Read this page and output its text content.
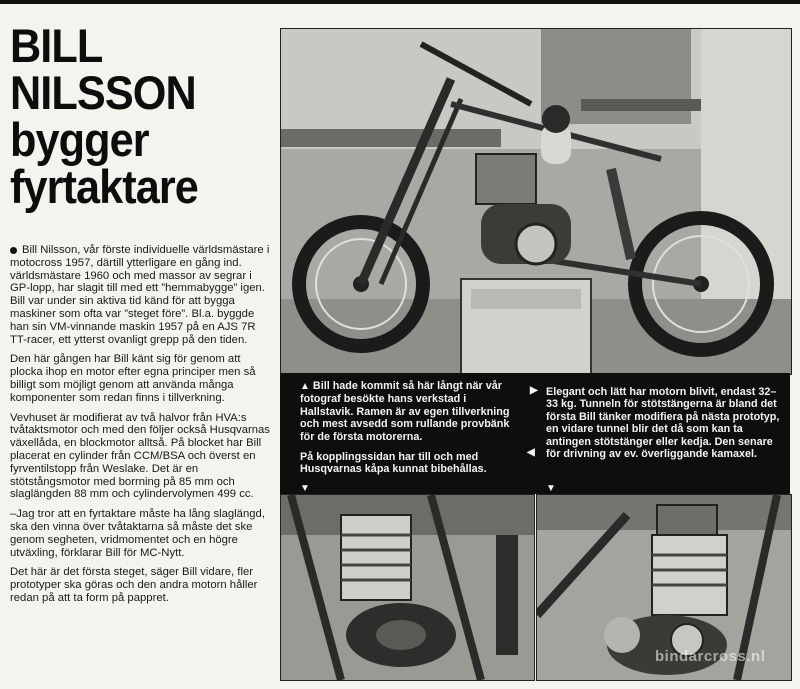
BILL
NILSSON
bygger
fyrtaktare

Bill Nilsson, vår förste individuelle världsmästare i motocross 1957, därtill ytterligare en gång ind. världsmästare 1960 och med massor av segrar i GP-lopp, har slagit till med ett ”hemmabygge” igen. Bill var under sin aktiva tid känd för att bygga maskiner som ofta var ”steget före”. Bl.a. byggde han sin VM-vinnande maskin 1957 på en AJS 7R TT-racer, ett ytterst ovanligt grepp på den tiden.

Den här gången har Bill känt sig för genom att plocka ihop en motor efter egna principer men så billigt som möjligt genom att använda många komponenter som redan finns i tillverkning.

Vevhuset är modifierat av två halvor från HVA:s tvåtaktsmotor och med den följer också Husqvarnas växellåda, en blockmotor alltså. På blocket har Bill placerat en cylinder från CCM/BSA och överst en fyrventilstopp från Weslake. Det är en stötstångsmotor med borrning på 85 mm och slaglängden 88 mm och cylindervolymen 499 cc.

–Jag tror att en fyrtaktare måste ha lång slaglängd, ska den vinna över tvåtaktarna så måste det ske genom segheten, vridmomentet och en högre utväxling, förklarar Bill för MC-Nytt.

Det här är det första steget, säger Bill vidare, fler prototyper ska göras och den andra motorn håller redan på att ta form på pappret.

▲ Bill hade kommit så här långt när vår fotograf besökte hans verkstad i Hallstavik. Ramen är av egen tillverkning och mest avsedd som rullande provbänk för de första motorerna.

På kopplingssidan har till och med Husqvarnas kåpa kunnat bibehållas.

▼
◀
▶ Elegant och lätt har motorn blivit, endast 32–33 kg. Tunneln för stötstängerna är bland det första Bill tänker modifiera på nästa prototyp, en vidare tunnel blir det då som kan ta antingen stötstänger eller kedja. Den senare för drivning av ev. överliggande kamaxel.

▼
bindarcross.nl
